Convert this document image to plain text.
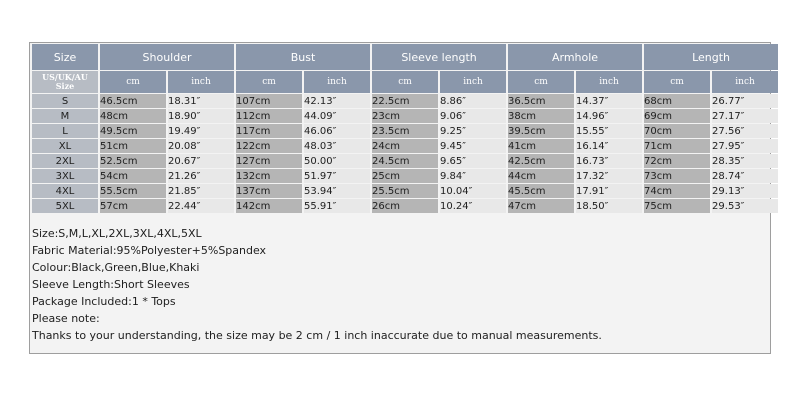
Size	Shoulder		Bust		Sleeve length		Armhole		Length	
US/UK/AU Size	cm	inch	cm	inch	cm	inch	cm	inch	cm	inch
S	46.5cm	18.31″	107cm	42.13″	22.5cm	8.86″	36.5cm	14.37″	68cm	26.77″
M	48cm	18.90″	112cm	44.09″	23cm	9.06″	38cm	14.96″	69cm	27.17″
L	49.5cm	19.49″	117cm	46.06″	23.5cm	9.25″	39.5cm	15.55″	70cm	27.56″
XL	51cm	20.08″	122cm	48.03″	24cm	9.45″	41cm	16.14″	71cm	27.95″
2XL	52.5cm	20.67″	127cm	50.00″	24.5cm	9.65″	42.5cm	16.73″	72cm	28.35″
3XL	54cm	21.26″	132cm	51.97″	25cm	9.84″	44cm	17.32″	73cm	28.74″
4XL	55.5cm	21.85″	137cm	53.94″	25.5cm	10.04″	45.5cm	17.91″	74cm	29.13″
5XL	57cm	22.44″	142cm	55.91″	26cm	10.24″	47cm	18.50″	75cm	29.53″
Size:S,M,L,XL,2XL,3XL,4XL,5XL
Fabric Material:95%Polyester+5%Spandex
Colour:Black,Green,Blue,Khaki
Sleeve Length:Short Sleeves
Package Included:1 * Tops
Please note:
Thanks to your understanding, the size may be 2 cm / 1 inch inaccurate due to manual measurements.
